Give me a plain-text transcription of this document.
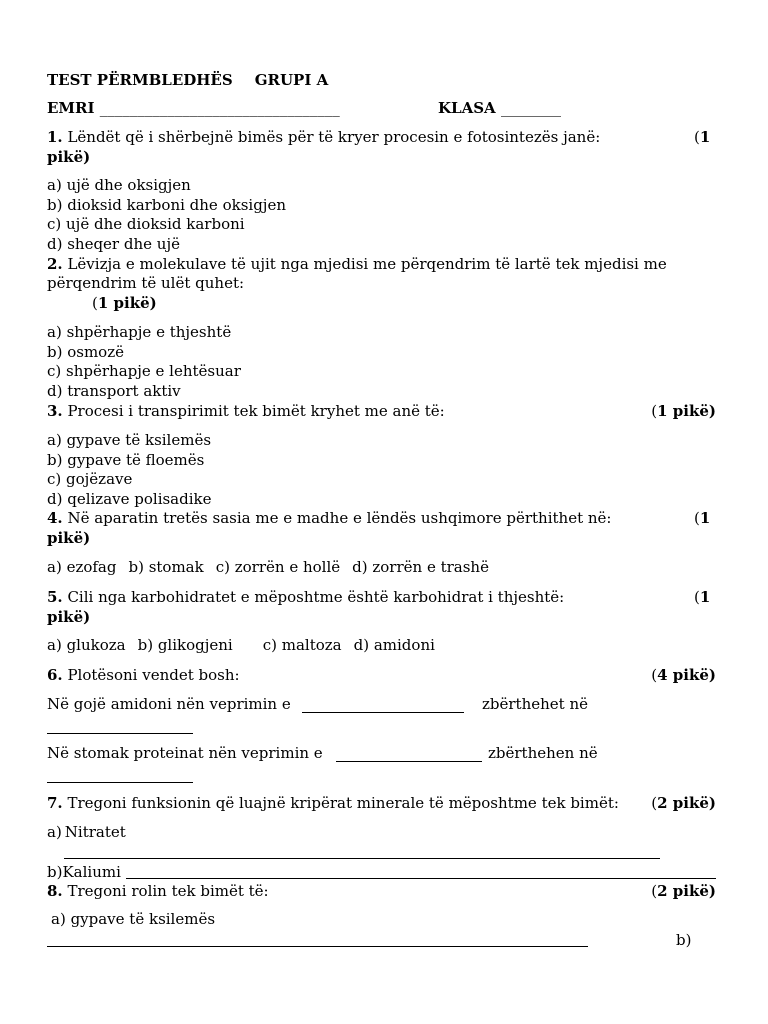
TEST PËRMBLEDHËS GRUPI A
EMRI ________________________________	KLASA ________
1. Lëndët që i shërbejnë bimës për të kryer procesin e fotosintezës janë:	(1
pikë)
a) ujë dhe oksigjen
b) dioksid karboni dhe oksigjen
c) ujë dhe dioksid karboni
d) sheqer dhe ujë
2. Lëvizja e molekulave të ujit nga mjedisi me përqendrim të lartë tek mjedisi me
përqendrim të ulët quhet:
(1 pikë)
a) shpërhapje e thjeshtë
b) osmozë
c) shpërhapje e lehtësuar
d) transport aktiv
3. Procesi i transpirimit tek bimët kryhet me anë të:	(1 pikë)
a) gypave të ksilemës
b) gypave të floemës
c) gojëzave
d) qelizave polisadike
4. Në aparatin tretës sasia me e madhe e lëndës ushqimore përthithet në:	(1
pikë)
a) ezofag b) stomak c) zorrën e hollë d) zorrën e trashë
5. Cili nga karbohidratet e mëposhtme është karbohidrat i thjeshtë:	(1
pikë)
a) glukoza b) glikogjeni c) maltoza d) amidoni
6. Plotësoni vendet bosh:	(4 pikë)
Në gojë amidoni nën veprimin e	zbërthehet në
Në stomak proteinat nën veprimin e	zbërthehen në
7. Tregoni funksionin që luajnë kripërat minerale të mëposhtme tek bimët: (2 pikë)
a) Nitratet
b)Kaliumi
8. Tregoni rolin tek bimët të:	(2 pikë)
a) gypave të ksilemës
b)
